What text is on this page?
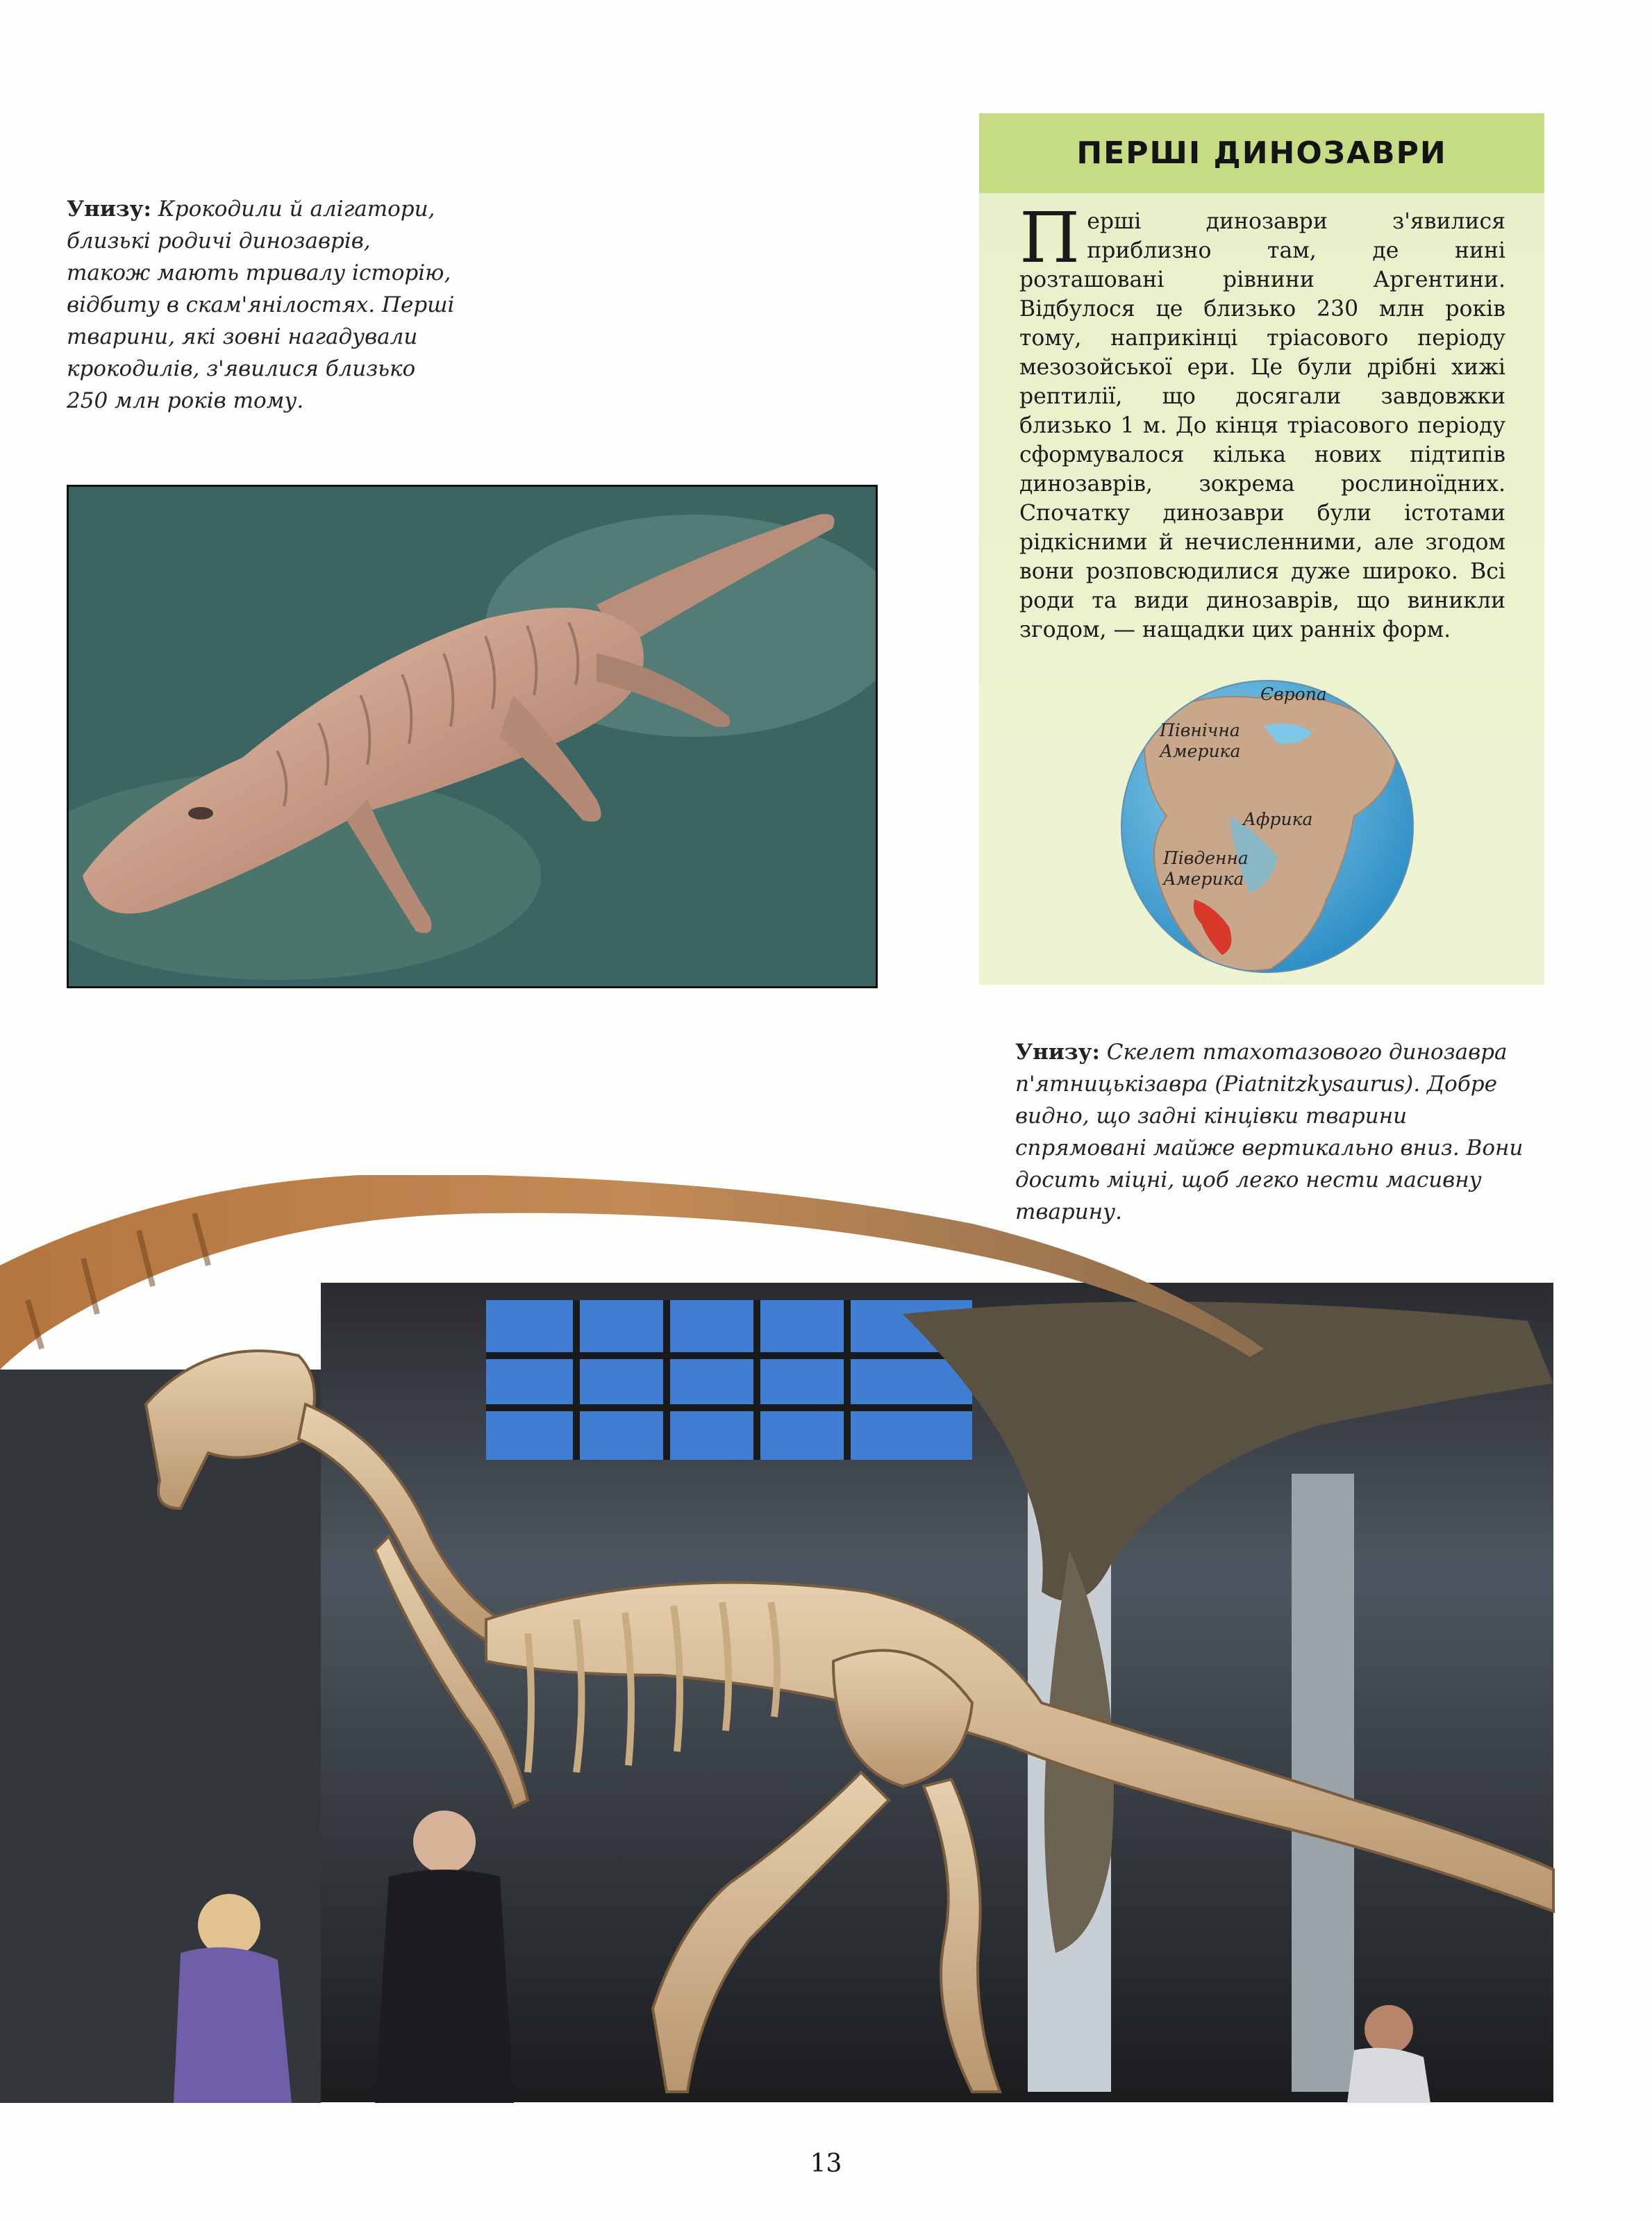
Унизу: Крокодили й алігатори, близькі родичі динозаврів, також мають тривалу історію, відбиту в скам'янілостях. Перші тварини, які зовні нагадували крокодилів, з'явилися близько 250 млн років тому.
ПЕРШІ ДИНОЗАВРИ
Перші динозаври з'явилися приблизно там, де нині розташовані рівнини Аргентини. Відбулося це близько 230 млн років тому, наприкінці тріасового періоду мезозойської ери. Це були дрібні хижі рептилії, що досягали завдовжки близько 1 м. До кінця тріасового періоду сформувалося кілька нових підтипів динозаврів, зокрема рослиноїдних. Спочатку динозаври були істотами рідкісними й нечисленними, але згодом вони розповсюдилися дуже широко. Всі роди та види динозаврів, що виникли згодом, — нащадки цих ранніх форм.
Європа
Північна Америка
Африка
Південна Америка
Унизу: Скелет птахотазового динозавра п'ятницькізавра (Piatnitzkysaurus). Добре видно, що задні кінцівки тварини спрямовані майже вертикально вниз. Вони досить міцні, щоб легко нести масивну тварину.
13
